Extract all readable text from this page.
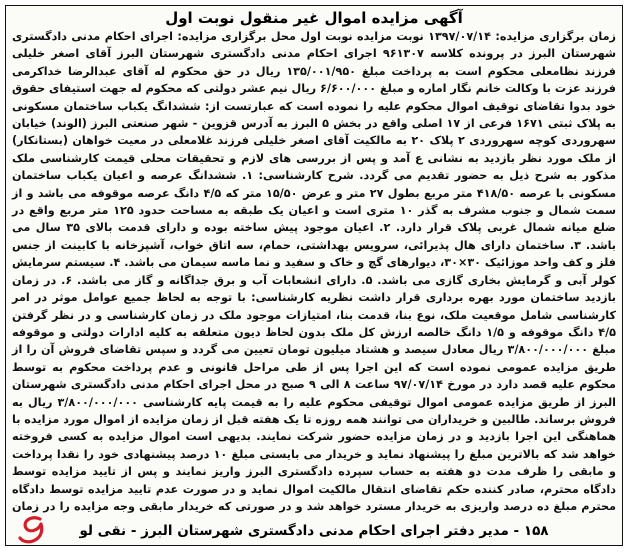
آگهی مزایده اموال غیر منقول نوبت اول
زمان برگزاری مزایده: ۱۳۹۷/۰۷/۱۴ نوبت مزایده نوبت اول محل برگزاری مزایده: اجرای احکام مدنی دادگستری شهرستان البرز در پرونده کلاسه ۹۶۱۳۰۷ اجرای احکام مدنی دادگستری شهرستان البرز آقای اصغر خلیلی فرزند نظامعلی محکوم است به پرداخت مبلغ ۱۳۵/۰۰۱/۹۵۰ ریال در حق محکوم له آقای عبدالرضا خداکرمی فرزند عزت با وکالت خانم نگار اماره و مبلغ ۶/۶۰۰/۰۰۰ ریال نیم عشر دولتی که محکوم له جهت استیفای حقوق خود بدوا تقاضای توقیف اموال محکوم علیه را نموده است که عبارتست از: ششدانگ یکباب ساختمان مسکونی به پلاک ثبتی ۱۶۷۱ فرعی از ۱۷ اصلی واقع در بخش ۵ البرز به آدرس قزوین - شهر صنعتی البرز (الوند) خیابان سهروردی کوچه سهروردی ۲ پلاک ۲۰ به مالکیت آقای اصغر خلیلی فرزند غلامعلی در معیت خواهان (بستانکار) از ملک مورد نظر بازدید به نشانی ع آمد و پس از بررسی های لازم و تحقیقات محلی قیمت کارشناسی ملک مذکور به شرح ذیل به حضور تقدیم می گردد. شرح کارشناسی: ۱. ششدانگ عرصه و اعیان یکباب ساختمان مسکونی با عرصه ۴۱۸/۵۰ متر مربع بطول ۲۷ متر و عرض ۱۵/۵۰ متر که ۴/۵ دانگ عرصه موقوفه می باشد و از سمت شمال و جنوب مشرف به گذر ۱۰ متری است و اعیان یک طبقه به مساحت حدود ۱۲۵ متر مربع واقع در ضلع میانه شمال غربی پلاک قرار دارد. ۲. اعیان موجود پیش ساخته بوده و دارای قدمت بالای ۳۵ سال می باشد. ۳. ساختمان دارای هال پذیرائی، سرویس بهداشتی، حمام، سه اتاق خواب، آشپزخانه با کابینت از جنس فلز و کف واحد موزائیک ۳۰×۳۰، دیوارهای گچ و خاک و سفید و نما ماسه سیمان می باشد. ۴. سیستم سرمایش کولر آبی و گرمایش بخاری گازی می باشد. ۵. دارای انشعابات آب و برق جداگانه و گاز می باشد. ۶. در زمان بازدید ساختمان مورد بهره برداری قرار داشت نظریه کارشناسی: با توجه به لحاظ جمیع عوامل موثر در امر کارشناسی شامل موقعیت ملک، نوع بنا، قدمت بنا، امتیازات موجود ملک در زمان کارشناسی و در نظر گرفتن ۴/۵ دانگ موقوفه و ۱/۵ دانگ خالصه ارزش کل ملک بدون لحاظ دیون متعلقه به کلیه ادارات دولتی و موقوفه مبلغ ۳/۸۰۰/۰۰۰/۰۰۰ ریال معادل سیصد و هشتاد میلیون تومان تعیین می گردد و سپس تقاضای فروش آن را از طریق مزایده عمومی نموده است که این اجرا پس از طی مراحل قانونی و عدم پرداخت محکوم به توسط محکوم علیه قصد دارد در مورخ ۹۷/۰۷/۱۴ ساعت ۸ الی ۹ صبح در محل اجرای احکام مدنی دادگستری شهرستان البرز از طریق مزایده عمومی اموال توقیفی محکوم علیه را به قیمت پایه کارشناسی ۳/۸۰۰/۰۰۰/۰۰۰ ریال به فروش برساند. طالبین و خریداران می توانند همه روزه تا یک هفته قبل از زمان مزایده از اموال مورد مزایده با هماهنگی این اجرا بازدید و در زمان مزایده حضور شرکت نمایند. بدیهی است اموال مزایده به کسی فروخته خواهد شد که بالاترین مبلغ را پیشنهاد نماید و خریدار می بایستی مبلغ ۱۰ درصد پیشنهادی خود را نقدا پرداخت و مابقی را ظرف مدت دو هفته به حساب سپرده دادگستری البرز واریز نمایند و پس از تایید مزایده توسط دادگاه محترم، صادر کننده حکم تقاضای انتقال مالکیت اموال نماید و در صورت عدم تایید مزایده توسط دادگاه محترم مبلغ ده درصد واریزی به خریدار مسترد خواهد شد و در صورتی که خریدار مابقی وجه مزایده را در زمان
۱۵۸ - مدیر دفتر اجرای احکام مدنی دادگستری شهرستان البرز - نقی لو
